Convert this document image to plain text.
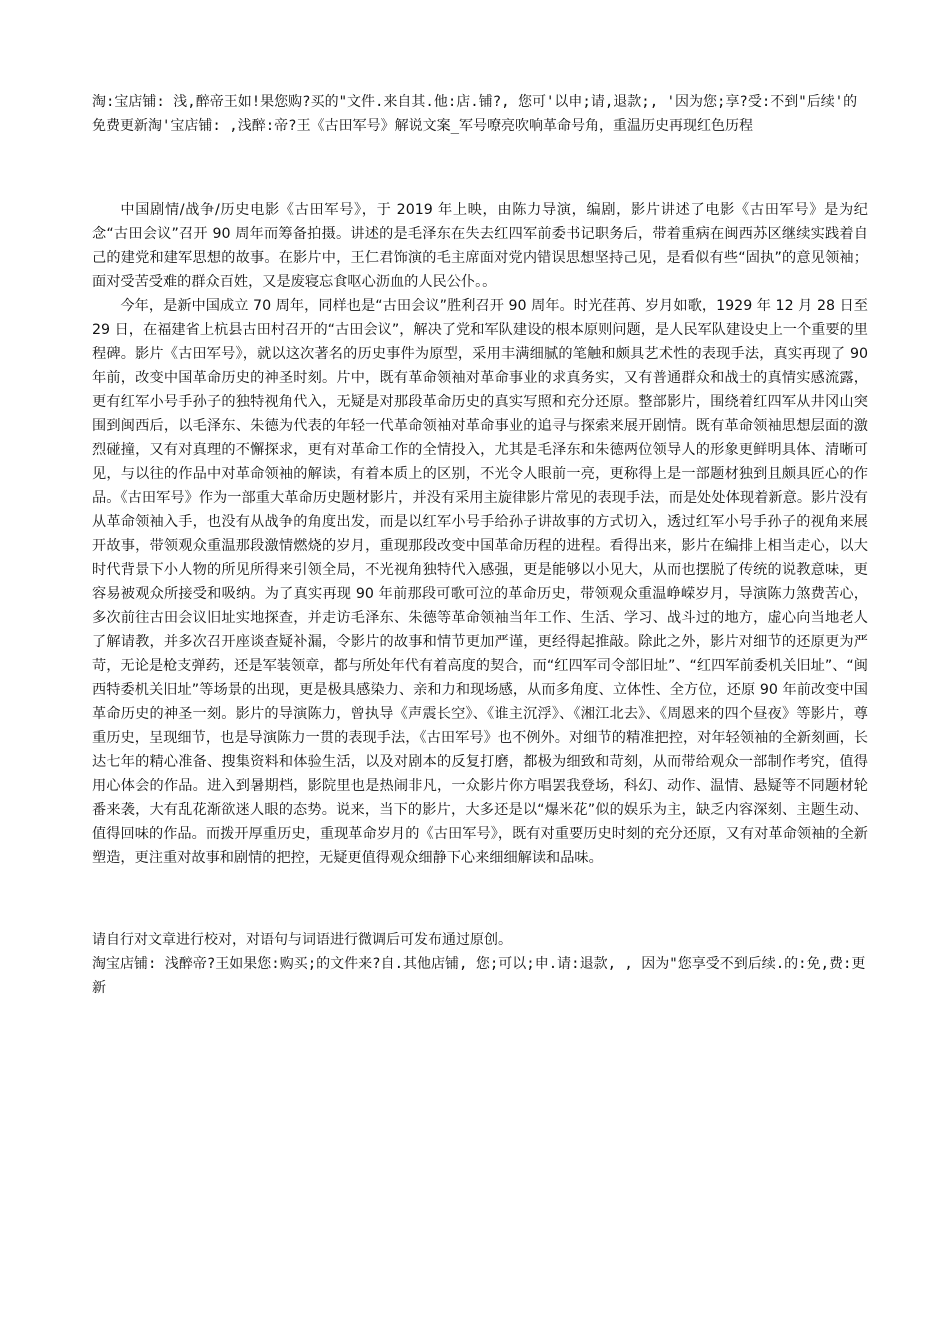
淘:宝店铺: 浅,醉帝王如!果您购?买的"文件.来自其.他:店.铺?, 您可'以申;请,退款;, '因为您;享?受:不到"后续'的免费更新淘'宝店铺: ,浅醉:帝?王《古田军号》解说文案_军号嘹亮吹响革命号角，重温历史再现红色历程

中国剧情/战争/历史电影《古田军号》，于 2019 年上映，由陈力导演，编剧，影片讲述了电影《古田军号》是为纪念“古田会议”召开 90 周年而筹备拍摄。讲述的是毛泽东在失去红四军前委书记职务后，带着重病在闽西苏区继续实践着自己的建党和建军思想的故事。在影片中，王仁君饰演的毛主席面对党内错误思想坚持己见，是看似有些“固执”的意见领袖；面对受苦受难的群众百姓，又是废寝忘食呕心沥血的人民公仆。。

今年，是新中国成立 70 周年，同样也是“古田会议”胜利召开 90 周年。时光荏苒、岁月如歌，1929 年 12 月 28 日至 29 日，在福建省上杭县古田村召开的“古田会议”，解决了党和军队建设的根本原则问题，是人民军队建设史上一个重要的里程碑。影片《古田军号》，就以这次著名的历史事件为原型，采用丰满细腻的笔触和颇具艺术性的表现手法，真实再现了 90 年前，改变中国革命历史的神圣时刻。片中，既有革命领袖对革命事业的求真务实，又有普通群众和战士的真情实感流露，更有红军小号手孙子的独特视角代入，无疑是对那段革命历史的真实写照和充分还原。整部影片，围绕着红四军从井冈山突围到闽西后，以毛泽东、朱德为代表的年轻一代革命领袖对革命事业的追寻与探索来展开剧情。既有革命领袖思想层面的激烈碰撞，又有对真理的不懈探求，更有对革命工作的全情投入，尤其是毛泽东和朱德两位领导人的形象更鲜明具体、清晰可见，与以往的作品中对革命领袖的解读，有着本质上的区别，不光令人眼前一亮，更称得上是一部题材独到且颇具匠心的作品。《古田军号》作为一部重大革命历史题材影片，并没有采用主旋律影片常见的表现手法，而是处处体现着新意。影片没有从革命领袖入手，也没有从战争的角度出发，而是以红军小号手给孙子讲故事的方式切入，透过红军小号手孙子的视角来展开故事，带领观众重温那段激情燃烧的岁月，重现那段改变中国革命历程的进程。看得出来，影片在编排上相当走心，以大时代背景下小人物的所见所得来引领全局，不光视角独特代入感强，更是能够以小见大，从而也摆脱了传统的说教意味，更容易被观众所接受和吸纳。为了真实再现 90 年前那段可歌可泣的革命历史，带领观众重温峥嵘岁月，导演陈力煞费苦心，多次前往古田会议旧址实地探查，并走访毛泽东、朱德等革命领袖当年工作、生活、学习、战斗过的地方，虚心向当地老人了解请教，并多次召开座谈查疑补漏，令影片的故事和情节更加严谨，更经得起推敲。除此之外，影片对细节的还原更为严苛，无论是枪支弹药，还是军装领章，都与所处年代有着高度的契合，而“红四军司令部旧址”、“红四军前委机关旧址”、“闽西特委机关旧址”等场景的出现，更是极具感染力、亲和力和现场感，从而多角度、立体性、全方位，还原 90 年前改变中国革命历史的神圣一刻。影片的导演陈力，曾执导《声震长空》、《谁主沉浮》、《湘江北去》、《周恩来的四个昼夜》等影片，尊重历史，呈现细节，也是导演陈力一贯的表现手法，《古田军号》也不例外。对细节的精准把控，对年轻领袖的全新刻画，长达七年的精心准备、搜集资料和体验生活，以及对剧本的反复打磨，都极为细致和苛刻，从而带给观众一部制作考究，值得用心体会的作品。进入到暑期档，影院里也是热闹非凡，一众影片你方唱罢我登场，科幻、动作、温情、悬疑等不同题材轮番来袭，大有乱花渐欲迷人眼的态势。说来，当下的影片，大多还是以“爆米花”似的娱乐为主，缺乏内容深刻、主题生动、值得回味的作品。而拨开厚重历史，重现革命岁月的《古田军号》，既有对重要历史时刻的充分还原，又有对革命领袖的全新塑造，更注重对故事和剧情的把控，无疑更值得观众细静下心来细细解读和品味。

请自行对文章进行校对，对语句与词语进行微调后可发布通过原创。

淘宝店铺: 浅醉帝?王如果您:购买;的文件来?自.其他店铺, 您;可以;申.请:退款, , 因为"您享受不到后续.的:免,费:更新
